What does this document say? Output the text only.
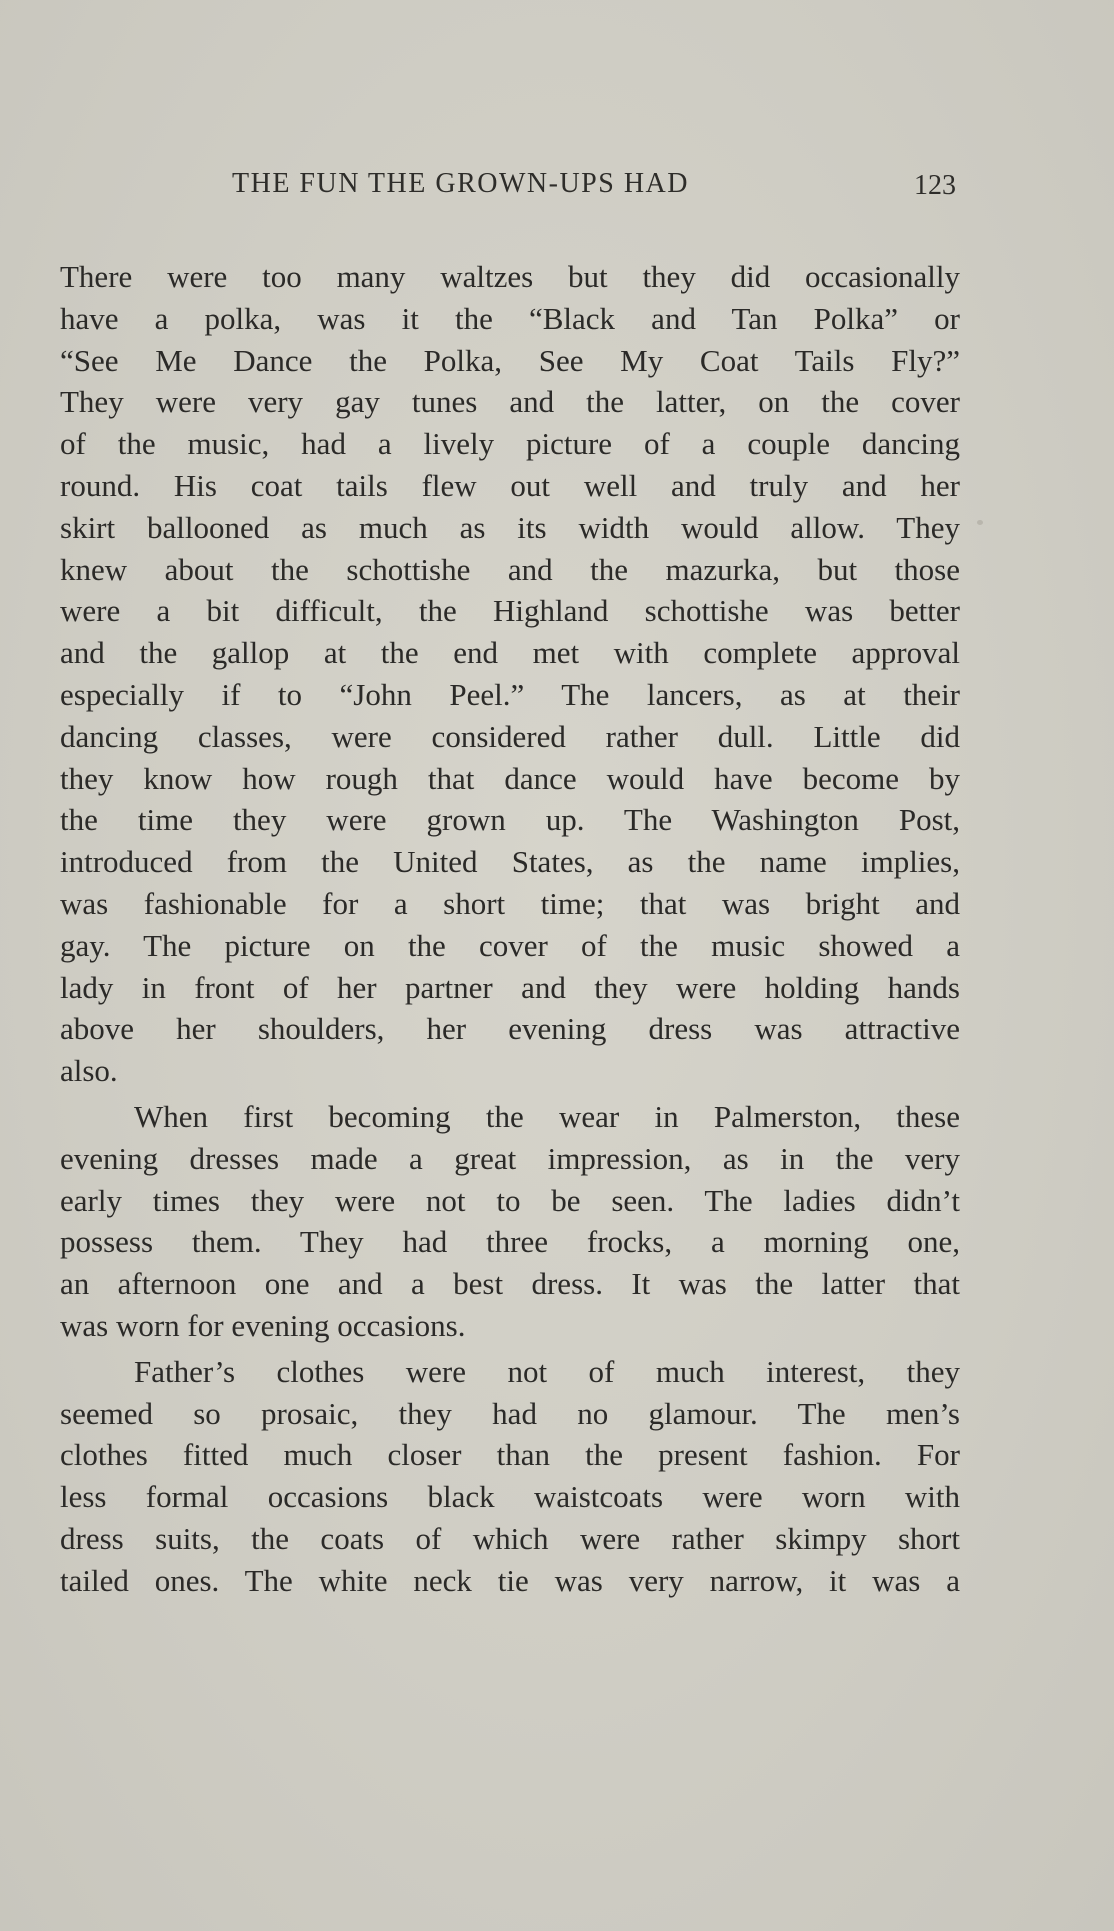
THE FUN THE GROWN-UPS HAD	123
There were too many waltzes but they did occasionally
have a polka, was it the “Black and Tan Polka” or
“See Me Dance the Polka, See My Coat Tails Fly?”
They were very gay tunes and the latter, on the cover
of the music, had a lively picture of a couple dancing
round. His coat tails flew out well and truly and her
skirt ballooned as much as its width would allow. They
knew about the schottishe and the mazurka, but those
were a bit difficult, the Highland schottishe was better
and the gallop at the end met with complete approval
especially if to “John Peel.” The lancers, as at their
dancing classes, were considered rather dull. Little did
they know how rough that dance would have become by
the time they were grown up. The Washington Post,
introduced from the United States, as the name implies,
was fashionable for a short time; that was bright and
gay. The picture on the cover of the music showed a
lady in front of her partner and they were holding hands
above her shoulders, her evening dress was attractive
also.
When first becoming the wear in Palmerston, these
evening dresses made a great impression, as in the very
early times they were not to be seen. The ladies didn’t
possess them. They had three frocks, a morning one,
an afternoon one and a best dress. It was the latter that
was worn for evening occasions.
Father’s clothes were not of much interest, they
seemed so prosaic, they had no glamour. The men’s
clothes fitted much closer than the present fashion. For
less formal occasions black waistcoats were worn with
dress suits, the coats of which were rather skimpy short
tailed ones. The white neck tie was very narrow, it was a
